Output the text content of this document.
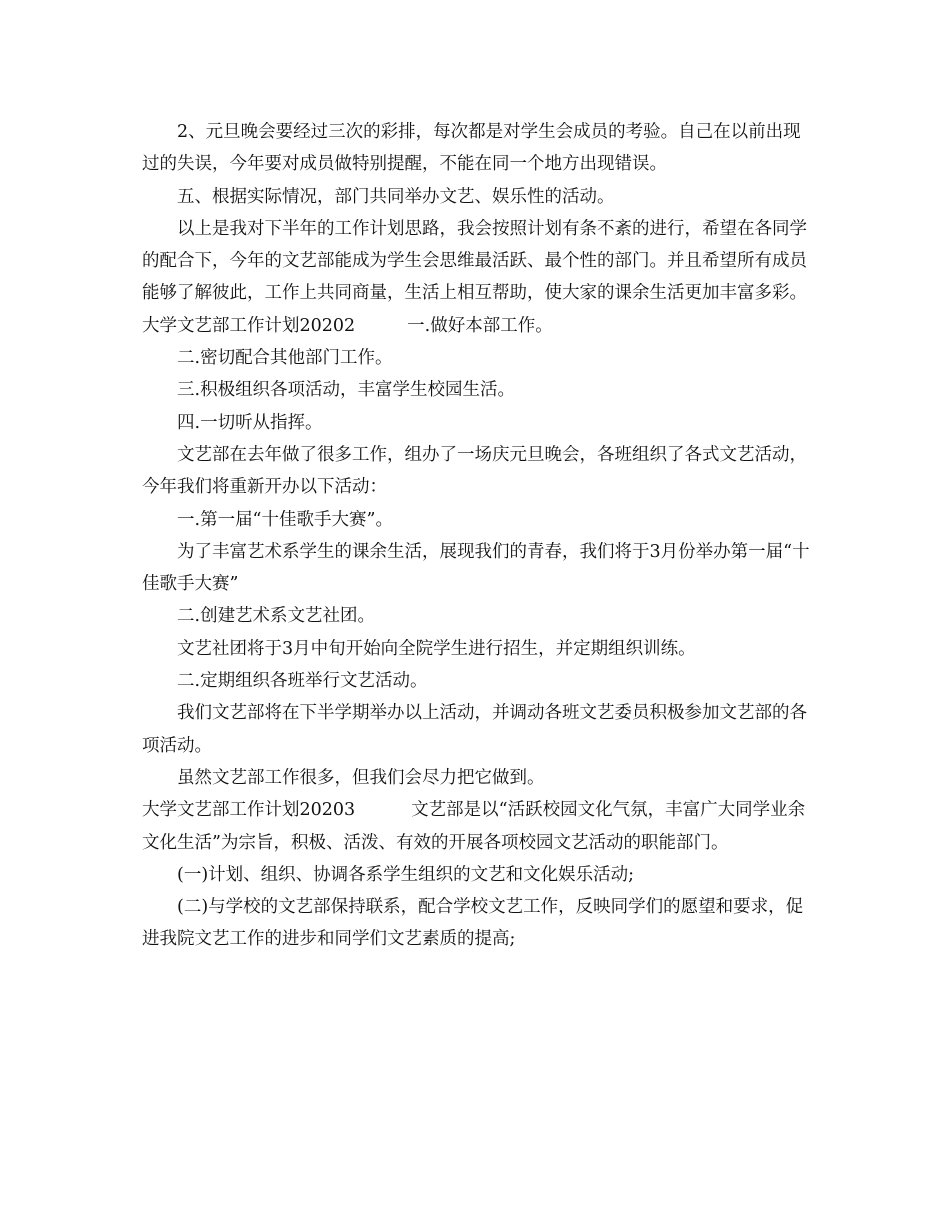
2、元旦晚会要经过三次的彩排，每次都是对学生会成员的考验。自己在以前出现过的失误，今年要对成员做特别提醒，不能在同一个地方出现错误。

五、根据实际情况，部门共同举办文艺、娱乐性的活动。

以上是我对下半年的工作计划思路，我会按照计划有条不紊的进行，希望在各同学的配合下，今年的文艺部能成为学生会思维最活跃、最个性的部门。并且希望所有成员能够了解彼此，工作上共同商量，生活上相互帮助，使大家的课余生活更加丰富多彩。

大学文艺部工作计划20202	一.做好本部工作。

二.密切配合其他部门工作。

三.积极组织各项活动，丰富学生校园生活。

四.一切听从指挥。

文艺部在去年做了很多工作，组办了一场庆元旦晚会，各班组织了各式文艺活动，今年我们将重新开办以下活动：

一.第一届“十佳歌手大赛”。

为了丰富艺术系学生的课余生活，展现我们的青春，我们将于3月份举办第一届“十佳歌手大赛”

二.创建艺术系文艺社团。

文艺社团将于3月中旬开始向全院学生进行招生，并定期组织训练。

二.定期组织各班举行文艺活动。

我们文艺部将在下半学期举办以上活动，并调动各班文艺委员积极参加文艺部的各项活动。

虽然文艺部工作很多，但我们会尽力把它做到。

大学文艺部工作计划20203	文艺部是以“活跃校园文化气氛，丰富广大同学业余文化生活”为宗旨，积极、活泼、有效的开展各项校园文艺活动的职能部门。

(一)计划、组织、协调各系学生组织的文艺和文化娱乐活动;

(二)与学校的文艺部保持联系，配合学校文艺工作，反映同学们的愿望和要求，促进我院文艺工作的进步和同学们文艺素质的提高;
